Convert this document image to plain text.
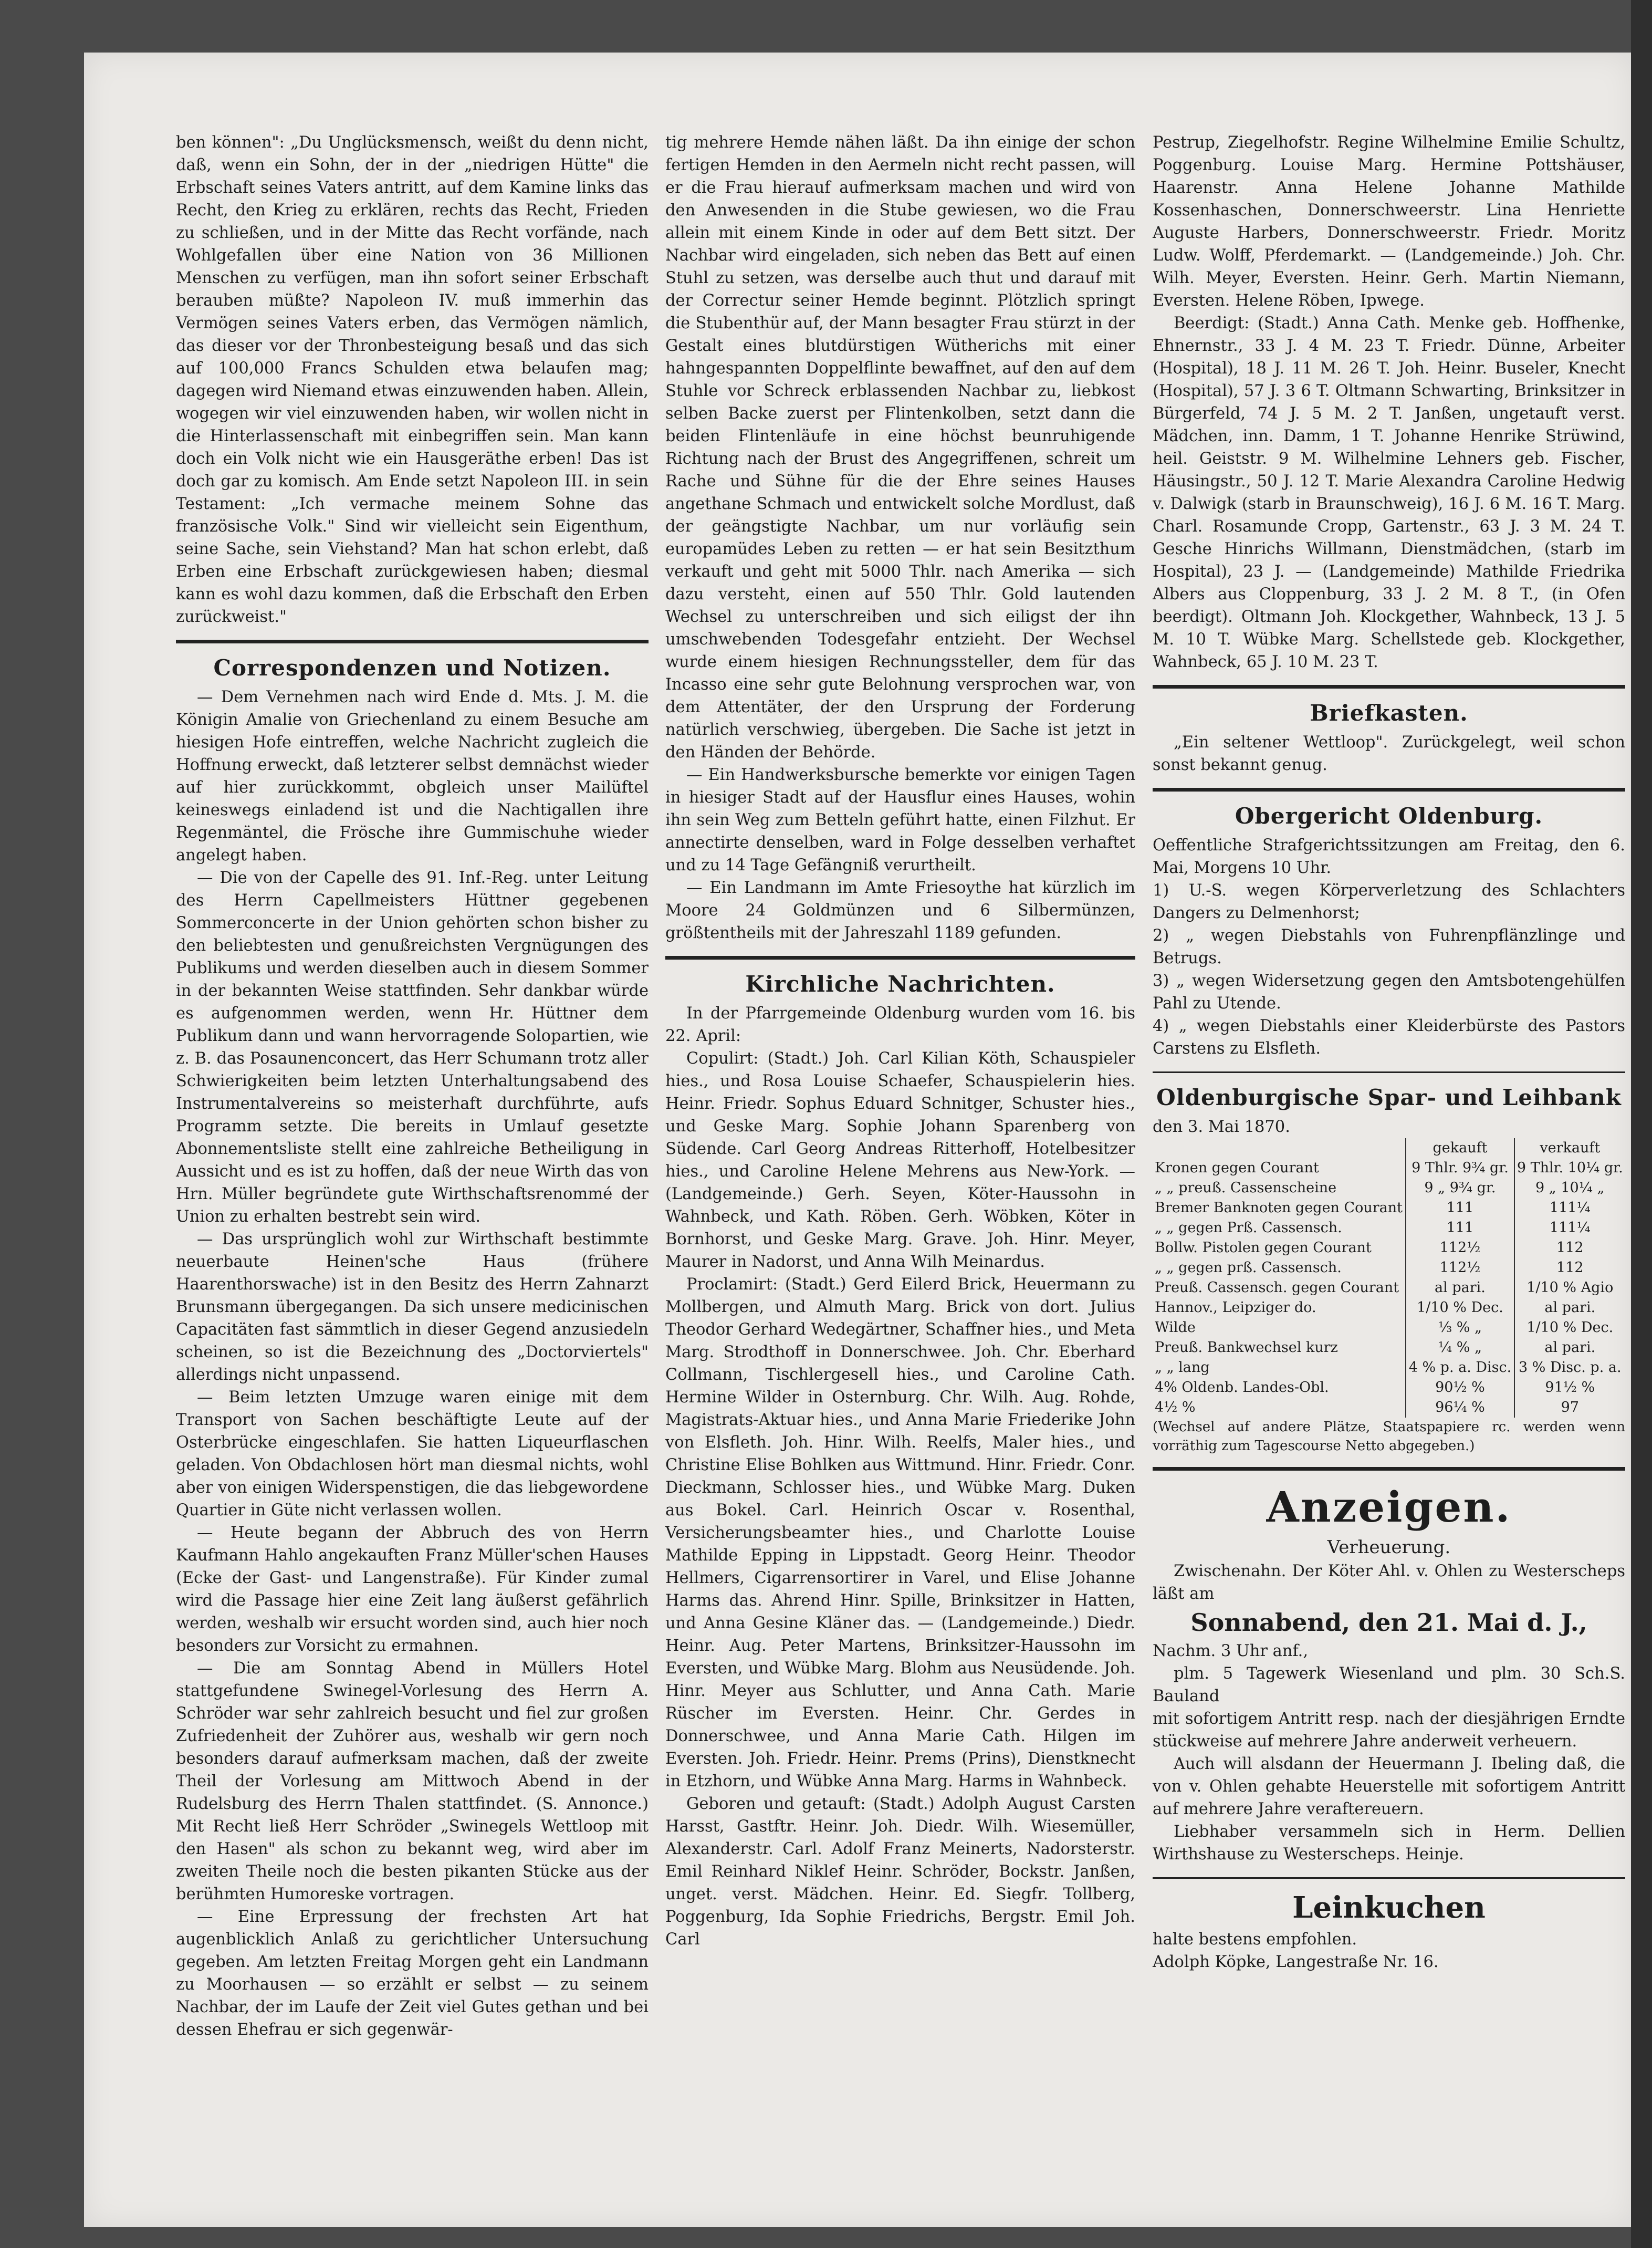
ben können": „Du Unglücksmensch, weißt du denn nicht, daß, wenn ein Sohn, der in der „niedrigen Hütte" die Erbschaft seines Vaters antritt, auf dem Kamine links das Recht, den Krieg zu erklären, rechts das Recht, Frieden zu schließen, und in der Mitte das Recht vorfände, nach Wohlgefallen über eine Nation von 36 Millionen Menschen zu verfügen, man ihn sofort seiner Erbschaft berauben müßte? Napoleon IV. muß immerhin das Vermögen seines Vaters erben, das Vermögen nämlich, das dieser vor der Thronbesteigung besaß und das sich auf 100,000 Francs Schulden etwa belaufen mag; dagegen wird Niemand etwas einzuwenden haben. Allein, wogegen wir viel einzuwenden haben, wir wollen nicht in die Hinterlassenschaft mit einbegriffen sein. Man kann doch ein Volk nicht wie ein Hausgeräthe erben! Das ist doch gar zu komisch. Am Ende setzt Napoleon III. in sein Testament: „Ich vermache meinem Sohne das französische Volk." Sind wir vielleicht sein Eigenthum, seine Sache, sein Viehstand? Man hat schon erlebt, daß Erben eine Erbschaft zurückgewiesen haben; diesmal kann es wohl dazu kommen, daß die Erbschaft den Erben zurückweist."

Correspondenzen und Notizen.

— Dem Vernehmen nach wird Ende d. Mts. J. M. die Königin Amalie von Griechenland zu einem Besuche am hiesigen Hofe eintreffen, welche Nachricht zugleich die Hoffnung erweckt, daß letzterer selbst demnächst wieder auf hier zurückkommt, obgleich unser Mailüftel keineswegs einladend ist und die Nachtigallen ihre Regenmäntel, die Frösche ihre Gummischuhe wieder angelegt haben.

— Die von der Capelle des 91. Inf.-Reg. unter Leitung des Herrn Capellmeisters Hüttner gegebenen Sommerconcerte in der Union gehörten schon bisher zu den beliebtesten und genußreichsten Vergnügungen des Publikums und werden dieselben auch in diesem Sommer in der bekannten Weise stattfinden. Sehr dankbar würde es aufgenommen werden, wenn Hr. Hüttner dem Publikum dann und wann hervorragende Solopartien, wie z. B. das Posaunenconcert, das Herr Schumann trotz aller Schwierigkeiten beim letzten Unterhaltungsabend des Instrumentalvereins so meisterhaft durchführte, aufs Programm setzte. Die bereits in Umlauf gesetzte Abonnementsliste stellt eine zahlreiche Betheiligung in Aussicht und es ist zu hoffen, daß der neue Wirth das von Hrn. Müller begründete gute Wirthschaftsrenommé der Union zu erhalten bestrebt sein wird.

— Das ursprünglich wohl zur Wirthschaft bestimmte neuerbaute Heinen'sche Haus (frühere Haarenthorswache) ist in den Besitz des Herrn Zahnarzt Brunsmann übergegangen. Da sich unsere medicinischen Capacitäten fast sämmtlich in dieser Gegend anzusiedeln scheinen, so ist die Bezeichnung des „Doctorviertels" allerdings nicht unpassend.

— Beim letzten Umzuge waren einige mit dem Transport von Sachen beschäftigte Leute auf der Osterbrücke eingeschlafen. Sie hatten Liqueurflaschen geladen. Von Obdachlosen hört man diesmal nichts, wohl aber von einigen Widerspenstigen, die das liebgewordene Quartier in Güte nicht verlassen wollen.

— Heute begann der Abbruch des von Herrn Kaufmann Hahlo angekauften Franz Müller'schen Hauses (Ecke der Gast- und Langenstraße). Für Kinder zumal wird die Passage hier eine Zeit lang äußerst gefährlich werden, weshalb wir ersucht worden sind, auch hier noch besonders zur Vorsicht zu ermahnen.

— Die am Sonntag Abend in Müllers Hotel stattgefundene Swinegel-Vorlesung des Herrn A. Schröder war sehr zahlreich besucht und fiel zur großen Zufriedenheit der Zuhörer aus, weshalb wir gern noch besonders darauf aufmerksam machen, daß der zweite Theil der Vorlesung am Mittwoch Abend in der Rudelsburg des Herrn Thalen stattfindet. (S. Annonce.) Mit Recht ließ Herr Schröder „Swinegels Wettloop mit den Hasen" als schon zu bekannt weg, wird aber im zweiten Theile noch die besten pikanten Stücke aus der berühmten Humoreske vortragen.

— Eine Erpressung der frechsten Art hat augenblicklich Anlaß zu gerichtlicher Untersuchung gegeben. Am letzten Freitag Morgen geht ein Landmann zu Moorhausen — so erzählt er selbst — zu seinem Nachbar, der im Laufe der Zeit viel Gutes gethan und bei dessen Ehefrau er sich gegenwär-

tig mehrere Hemde nähen läßt. Da ihn einige der schon fertigen Hemden in den Aermeln nicht recht passen, will er die Frau hierauf aufmerksam machen und wird von den Anwesenden in die Stube gewiesen, wo die Frau allein mit einem Kinde in oder auf dem Bett sitzt. Der Nachbar wird eingeladen, sich neben das Bett auf einen Stuhl zu setzen, was derselbe auch thut und darauf mit der Correctur seiner Hemde beginnt. Plötzlich springt die Stubenthür auf, der Mann besagter Frau stürzt in der Gestalt eines blutdürstigen Wütherichs mit einer hahngespannten Doppelflinte bewaffnet, auf den auf dem Stuhle vor Schreck erblassenden Nachbar zu, liebkost selben Backe zuerst per Flintenkolben, setzt dann die beiden Flintenläufe in eine höchst beunruhigende Richtung nach der Brust des Angegriffenen, schreit um Rache und Sühne für die der Ehre seines Hauses angethane Schmach und entwickelt solche Mordlust, daß der geängstigte Nachbar, um nur vorläufig sein europamüdes Leben zu retten — er hat sein Besitzthum verkauft und geht mit 5000 Thlr. nach Amerika — sich dazu versteht, einen auf 550 Thlr. Gold lautenden Wechsel zu unterschreiben und sich eiligst der ihn umschwebenden Todesgefahr entzieht. Der Wechsel wurde einem hiesigen Rechnungssteller, dem für das Incasso eine sehr gute Belohnung versprochen war, von dem Attentäter, der den Ursprung der Forderung natürlich verschwieg, übergeben. Die Sache ist jetzt in den Händen der Behörde.

— Ein Handwerksbursche bemerkte vor einigen Tagen in hiesiger Stadt auf der Hausflur eines Hauses, wohin ihn sein Weg zum Betteln geführt hatte, einen Filzhut. Er annectirte denselben, ward in Folge desselben verhaftet und zu 14 Tage Gefängniß verurtheilt.

— Ein Landmann im Amte Friesoythe hat kürzlich im Moore 24 Goldmünzen und 6 Silbermünzen, größtentheils mit der Jahreszahl 1189 gefunden.

Kirchliche Nachrichten.

In der Pfarrgemeinde Oldenburg wurden vom 16. bis 22. April:

Copulirt: (Stadt.) Joh. Carl Kilian Köth, Schauspieler hies., und Rosa Louise Schaefer, Schauspielerin hies. Heinr. Friedr. Sophus Eduard Schnitger, Schuster hies., und Geske Marg. Sophie Johann Sparenberg von Südende. Carl Georg Andreas Ritterhoff, Hotelbesitzer hies., und Caroline Helene Mehrens aus New-York. — (Landgemeinde.) Gerh. Seyen, Köter-Haussohn in Wahnbeck, und Kath. Röben. Gerh. Wöbken, Köter in Bornhorst, und Geske Marg. Grave. Joh. Hinr. Meyer, Maurer in Nadorst, und Anna Wilh Meinardus.

Proclamirt: (Stadt.) Gerd Eilerd Brick, Heuermann zu Mollbergen, und Almuth Marg. Brick von dort. Julius Theodor Gerhard Wedegärtner, Schaffner hies., und Meta Marg. Strodthoff in Donnerschwee. Joh. Chr. Eberhard Collmann, Tischlergesell hies., und Caroline Cath. Hermine Wilder in Osternburg. Chr. Wilh. Aug. Rohde, Magistrats-Aktuar hies., und Anna Marie Friederike John von Elsfleth. Joh. Hinr. Wilh. Reelfs, Maler hies., und Christine Elise Bohlken aus Wittmund. Hinr. Friedr. Conr. Dieckmann, Schlosser hies., und Wübke Marg. Duken aus Bokel. Carl. Heinrich Oscar v. Rosenthal, Versicherungsbeamter hies., und Charlotte Louise Mathilde Epping in Lippstadt. Georg Heinr. Theodor Hellmers, Cigarrensortirer in Varel, und Elise Johanne Harms das. Ahrend Hinr. Spille, Brinksitzer in Hatten, und Anna Gesine Kläner das. — (Landgemeinde.) Diedr. Heinr. Aug. Peter Martens, Brinksitzer-Haussohn im Eversten, und Wübke Marg. Blohm aus Neusüdende. Joh. Hinr. Meyer aus Schlutter, und Anna Cath. Marie Rüscher im Eversten. Heinr. Chr. Gerdes in Donnerschwee, und Anna Marie Cath. Hilgen im Eversten. Joh. Friedr. Heinr. Prems (Prins), Dienstknecht in Etzhorn, und Wübke Anna Marg. Harms in Wahnbeck.

Geboren und getauft: (Stadt.) Adolph August Carsten Harsst, Gastftr. Heinr. Joh. Diedr. Wilh. Wiesemüller, Alexanderstr. Carl. Adolf Franz Meinerts, Nadorsterstr. Emil Reinhard Niklef Heinr. Schröder, Bockstr. Janßen, unget. verst. Mädchen. Heinr. Ed. Siegfr. Tollberg, Poggenburg, Ida Sophie Friedrichs, Bergstr. Emil Joh. Carl

Pestrup, Ziegelhofstr. Regine Wilhelmine Emilie Schultz, Poggenburg. Louise Marg. Hermine Pottshäuser, Haarenstr. Anna Helene Johanne Mathilde Kossenhaschen, Donnerschweerstr. Lina Henriette Auguste Harbers, Donnerschweerstr. Friedr. Moritz Ludw. Wolff, Pferdemarkt. — (Landgemeinde.) Joh. Chr. Wilh. Meyer, Eversten. Heinr. Gerh. Martin Niemann, Eversten. Helene Röben, Ipwege.

Beerdigt: (Stadt.) Anna Cath. Menke geb. Hoffhenke, Ehnernstr., 33 J. 4 M. 23 T. Friedr. Dünne, Arbeiter (Hospital), 18 J. 11 M. 26 T. Joh. Heinr. Buseler, Knecht (Hospital), 57 J. 3 6 T. Oltmann Schwarting, Brinksitzer in Bürgerfeld, 74 J. 5 M. 2 T. Janßen, ungetauft verst. Mädchen, inn. Damm, 1 T. Johanne Henrike Strüwind, heil. Geiststr. 9 M. Wilhelmine Lehners geb. Fischer, Häusingstr., 50 J. 12 T. Marie Alexandra Caroline Hedwig v. Dalwigk (starb in Braunschweig), 16 J. 6 M. 16 T. Marg. Charl. Rosamunde Cropp, Gartenstr., 63 J. 3 M. 24 T. Gesche Hinrichs Willmann, Dienstmädchen, (starb im Hospital), 23 J. — (Landgemeinde) Mathilde Friedrika Albers aus Cloppenburg, 33 J. 2 M. 8 T., (in Ofen beerdigt). Oltmann Joh. Klockgether, Wahnbeck, 13 J. 5 M. 10 T. Wübke Marg. Schellstede geb. Klockgether, Wahnbeck, 65 J. 10 M. 23 T.

Briefkasten.

„Ein seltener Wettloop". Zurückgelegt, weil schon sonst bekannt genug.

Obergericht Oldenburg.

Oeffentliche Strafgerichtssitzungen am Freitag, den 6. Mai, Morgens 10 Uhr.

1) U.-S. wegen Körperverletzung des Schlachters Dangers zu Delmenhorst;

2) „ wegen Diebstahls von Fuhrenpflänzlinge und Betrugs.

3) „ wegen Widersetzung gegen den Amtsbotengehülfen Pahl zu Utende.

4) „ wegen Diebstahls einer Kleiderbürste des Pastors Carstens zu Elsfleth.

Oldenburgische Spar- und Leihbank

den 3. Mai 1870.

	gekauft	verkauft
Kronen gegen Courant	9 Thlr. 9¾ gr.	9 Thlr. 10¼ gr.
„ „ preuß. Cassenscheine	9 „ 9¾ gr.	9 „ 10¼ „
Bremer Banknoten gegen Courant	111	111¼
„ „ gegen Prß. Cassensch.	111	111¼
Bollw. Pistolen gegen Courant	112½	112
„ „ gegen prß. Cassensch.	112½	112
Preuß. Cassensch. gegen Courant	al pari.	1/10 % Agio
Hannov., Leipziger do.	1/10 % Dec.	al pari.
Wilde	⅓ % „	1/10 % Dec.
Preuß. Bankwechsel kurz	¼ % „	al pari.
„ „ lang	4 % p. a. Disc.	3 % Disc. p. a.
4% Oldenb. Landes-Obl.	90½ %	91½ %
4½ %	96¼ %	97

(Wechsel auf andere Plätze, Staatspapiere rc. werden wenn vorräthig zum Tagescourse Netto abgegeben.)

Anzeigen.
Verheuerung.

Zwischenahn. Der Köter Ahl. v. Ohlen zu Westerscheps läßt am

Sonnabend, den 21. Mai d. J.,

Nachm. 3 Uhr anf.,

plm. 5 Tagewerk Wiesenland und plm. 30 Sch.S. Bauland

mit sofortigem Antritt resp. nach der diesjährigen Erndte stückweise auf mehrere Jahre anderweit verheuern.

Auch will alsdann der Heuermann J. Ibeling daß, die von v. Ohlen gehabte Heuerstelle mit sofortigem Antritt auf mehrere Jahre veraftereuern.

Liebhaber versammeln sich in Herm. Dellien Wirthshause zu Westerscheps. Heinje.

Leinkuchen

halte bestens empfohlen.

Adolph Köpke, Langestraße Nr. 16.
